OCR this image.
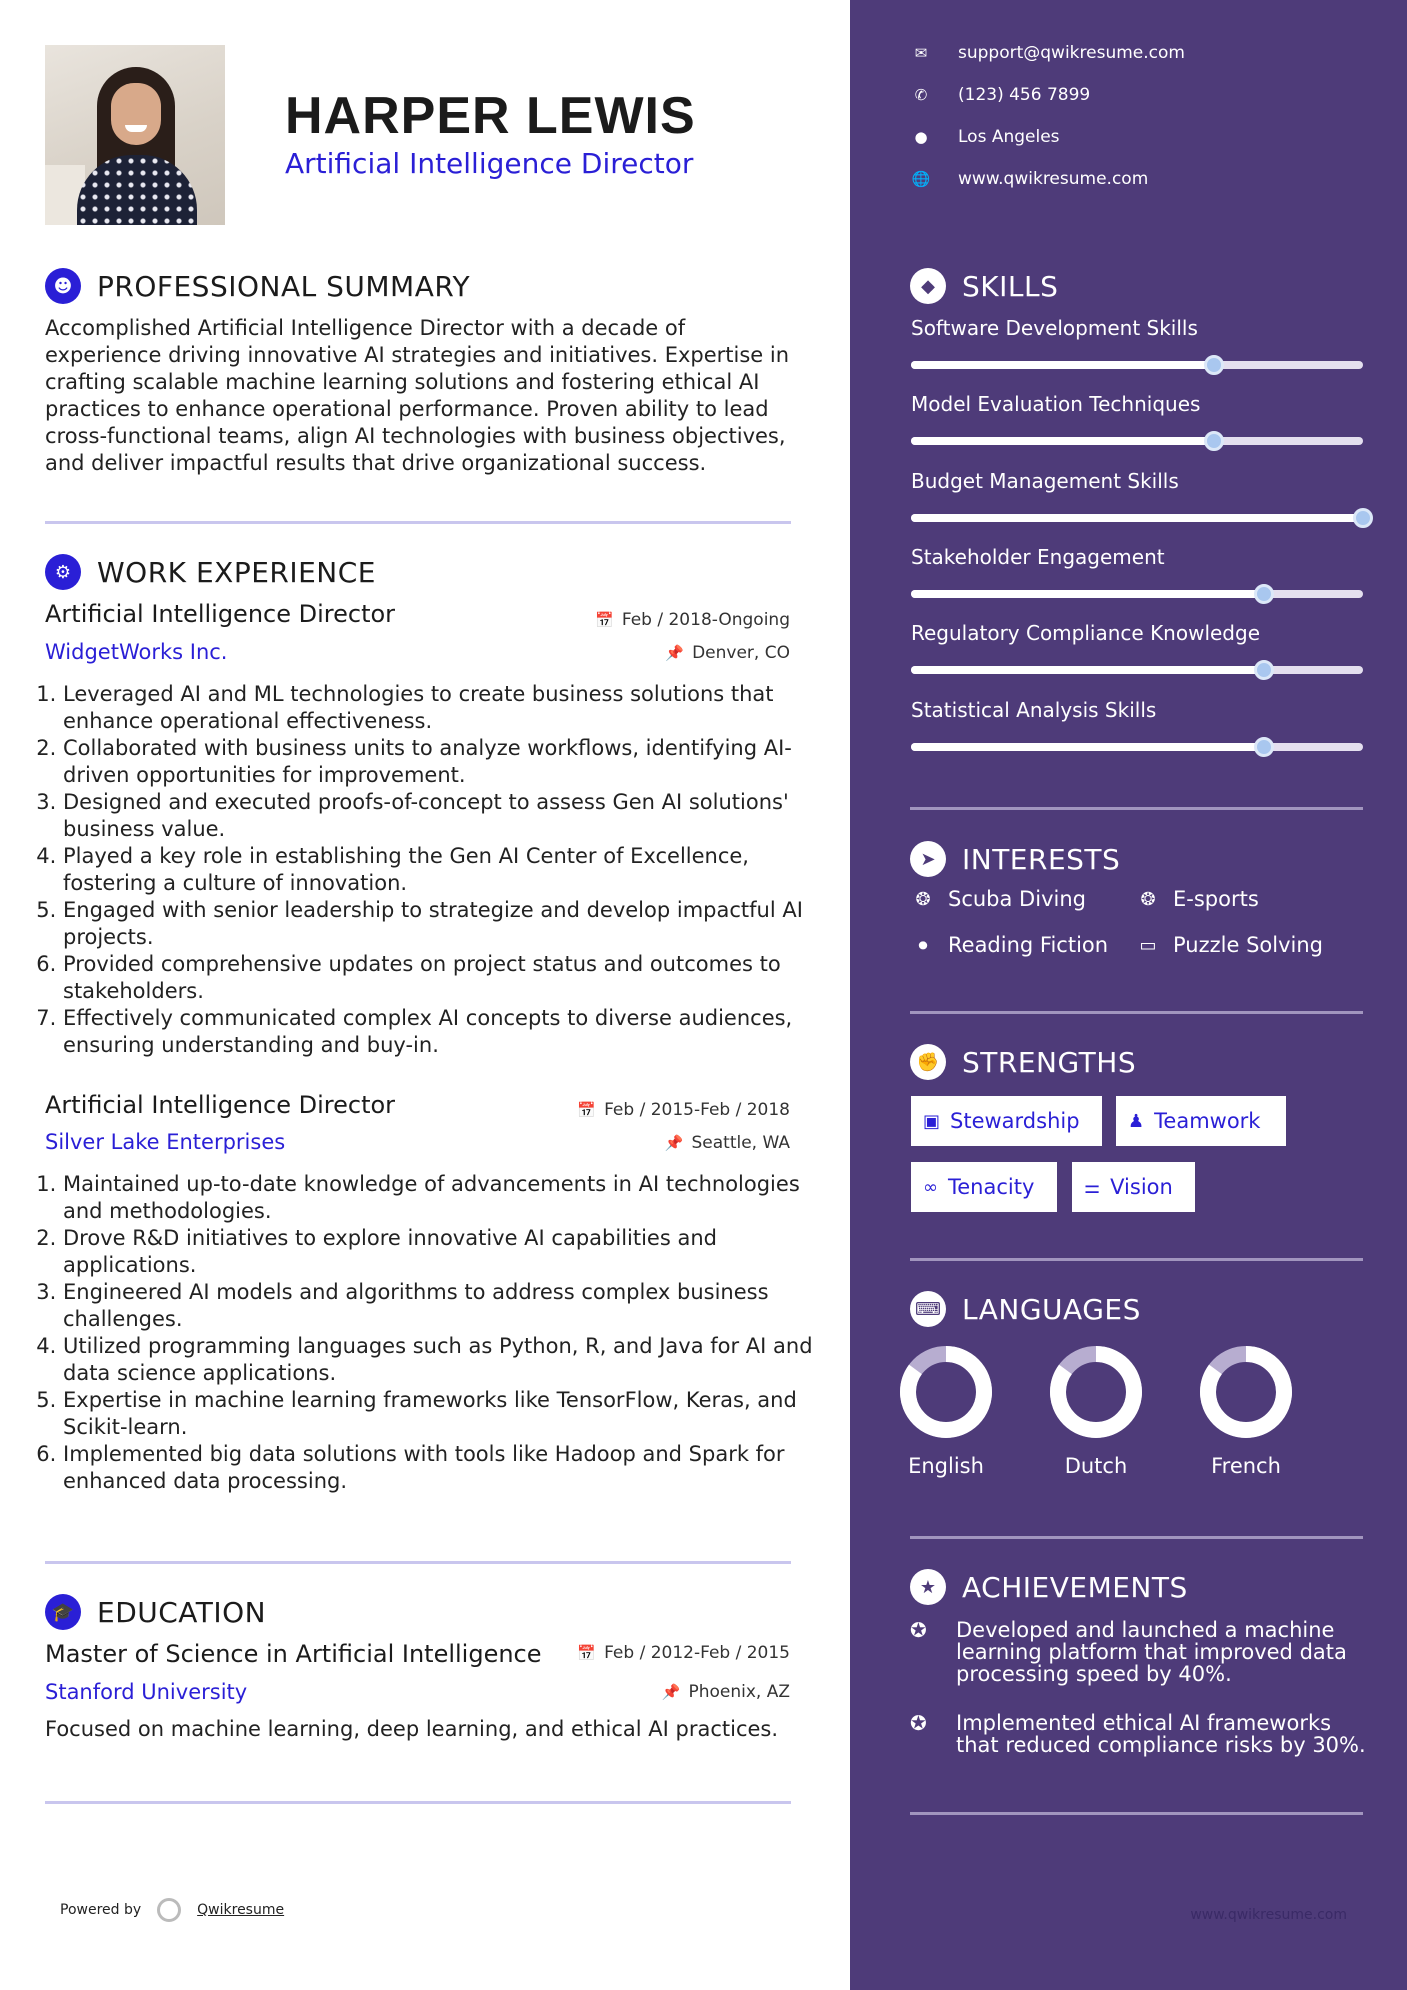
HARPER LEWIS
Artificial Intelligence Director
☻ PROFESSIONAL SUMMARY
Accomplished Artificial Intelligence Director with a decade of experience driving innovative AI strategies and initiatives. Expertise in crafting scalable machine learning solutions and fostering ethical AI practices to enhance operational performance. Proven ability to lead cross-functional teams, align AI technologies with business objectives, and deliver impactful results that drive organizational success.
⚙ WORK EXPERIENCE
Artificial Intelligence Director	📅 Feb / 2018-Ongoing
WidgetWorks Inc.	📌 Denver, CO
1. Leveraged AI and ML technologies to create business solutions that enhance operational effectiveness.
2. Collaborated with business units to analyze workflows, identifying AI-driven opportunities for improvement.
3. Designed and executed proofs-of-concept to assess Gen AI solutions' business value.
4. Played a key role in establishing the Gen AI Center of Excellence, fostering a culture of innovation.
5. Engaged with senior leadership to strategize and develop impactful AI projects.
6. Provided comprehensive updates on project status and outcomes to stakeholders.
7. Effectively communicated complex AI concepts to diverse audiences, ensuring understanding and buy-in.
Artificial Intelligence Director	📅 Feb / 2015-Feb / 2018
Silver Lake Enterprises	📌 Seattle, WA
1. Maintained up-to-date knowledge of advancements in AI technologies and methodologies.
2. Drove R&D initiatives to explore innovative AI capabilities and applications.
3. Engineered AI models and algorithms to address complex business challenges.
4. Utilized programming languages such as Python, R, and Java for AI and data science applications.
5. Expertise in machine learning frameworks like TensorFlow, Keras, and Scikit-learn.
6. Implemented big data solutions with tools like Hadoop and Spark for enhanced data processing.
🎓 EDUCATION
Master of Science in Artificial Intelligence 📅 Feb / 2012-Feb / 2015
Stanford University	📌 Phoenix, AZ
Focused on machine learning, deep learning, and ethical AI practices.
Powered by	Qwikresume
✉ support@qwikresume.com
✆ (123) 456 7899
● Los Angeles
🌐 www.qwikresume.com
◆ SKILLS
Software Development Skills
Model Evaluation Techniques
Budget Management Skills
Stakeholder Engagement
Regulatory Compliance Knowledge
Statistical Analysis Skills
➤ INTERESTS
❂ Scuba Diving	❂ E-sports
⏺ Reading Fiction ▭ Puzzle Solving
✊ STRENGTHS
▣ Stewardship	♟ Teamwork
∞ Tenacity	⚌ Vision
⌨ LANGUAGES
English	Dutch	French
★ ACHIEVEMENTS
✪	Developed and launched a machine learning platform that improved data processing speed by 40%.
✪	Implemented ethical AI frameworks that reduced compliance risks by 30%.
www.qwikresume.com
